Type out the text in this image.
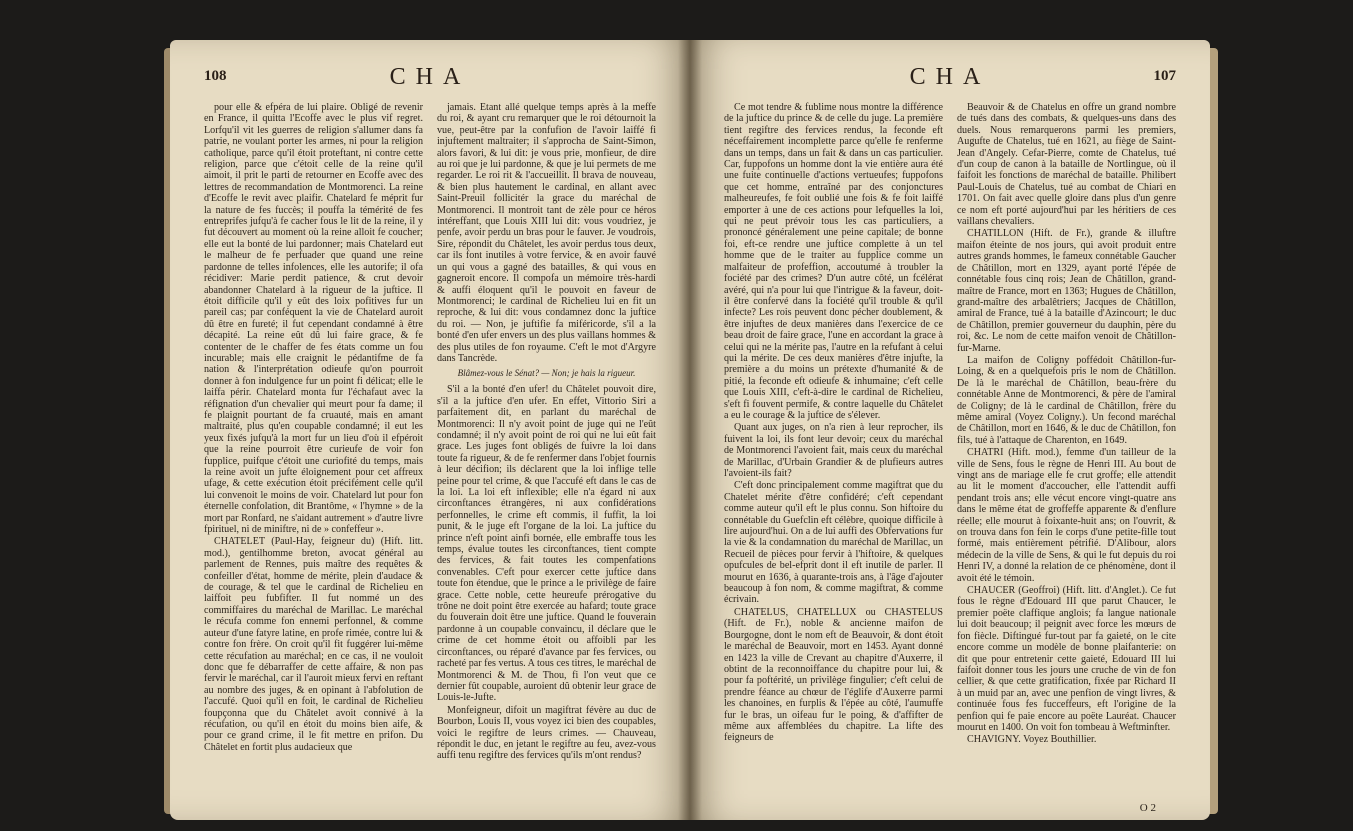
108	CHA

pour elle & efpéra de lui plaire. Obligé de revenir en France, il quitta l'Ecoffe avec le plus vif regret. Lorfqu'il vit les guerres de religion s'allumer dans fa patrie, ne voulant porter les armes, ni pour la religion catholique, parce qu'il étoit proteftant, ni contre cette religion, parce que c'étoit celle de la reine qu'il aimoit, il prit le parti de retourner en Ecoffe avec des lettres de recommandation de Montmorenci. La reine d'Ecoffe le revit avec plaifir. Chatelard fe méprit fur la nature de fes fuccès; il pouffa la témérité de fes entreprifes jufqu'à fe cacher fous le lit de la reine, il y fut découvert au moment où la reine alloit fe coucher; elle eut la bonté de lui pardonner; mais Chatelard eut le malheur de fe perfuader que quand une reine pardonne de telles infolences, elle les autorife; il ofa récidiver: Marie perdit patience, & crut devoir abandonner Chatelard à la rigueur de la juftice. Il étoit difficile qu'il y eût des loix pofitives fur un pareil cas; par conféquent la vie de Chatelard auroit dû être en fureté; il fut cependant condamné à être décapité. La reine eût dû lui faire grace, & fe contenter de le chaffer de fes états comme un fou incurable; mais elle craignit le pédantifme de fa nation & l'interprétation odieufe qu'on pourroit donner à fon indulgence fur un point fi délicat; elle le laiffa périr. Chatelard monta fur l'échafaut avec la réfignation d'un chevalier qui meurt pour fa dame; il fe plaignit pourtant de fa cruauté, mais en amant maltraité, plus qu'en coupable condamné; il eut les yeux fixés jufqu'à la mort fur un lieu d'où il efpéroit que la reine pourroit être curieufe de voir fon fupplice, puifque c'étoit une curiofité du temps, mais la reine avoit un jufte éloignement pour cet affreux ufage, & cette exécution étoit précifément celle qu'il lui convenoit le moins de voir. Chatelard lut pour fon éternelle confolation, dit Brantôme, « l'hymne » de la mort par Ronfard, ne s'aidant autrement » d'autre livre fpirituel, ni de miniftre, ni de » confeffeur ».

CHATELET (Paul-Hay, feigneur du) (Hift. litt. mod.), gentilhomme breton, avocat général au parlement de Rennes, puis maître des requêtes & confeiller d'état, homme de mérite, plein d'audace & de courage, & tel que le cardinal de Richelieu en laiffoit peu fubfifter. Il fut nommé un des commiffaires du maréchal de Marillac. Le maréchal le récufa comme fon ennemi perfonnel, & comme auteur d'une fatyre latine, en profe rimée, contre lui & contre fon frère. On croit qu'il fit fuggérer lui-même cette récufation au maréchal; en ce cas, il ne vouloit donc que fe débarraffer de cette affaire, & non pas fervir le maréchal, car il l'auroit mieux fervi en reftant au nombre des juges, & en opinant à l'abfolution de l'accufé. Quoi qu'il en foit, le cardinal de Richelieu foupçonna que du Châtelet avoit connivé à la récufation, ou qu'il en étoit du moins bien aife, & pour ce grand crime, il le fit mettre en prifon. Du Châtelet en fortit plus audacieux que

jamais. Etant allé quelque temps après à la meffe du roi, & ayant cru remarquer que le roi détournoit la vue, peut-être par la confufion de l'avoir laiffé fi injuftement maltraiter; il s'approcha de Saint-Simon, alors favori, & lui dit: je vous prie, monfieur, de dire au roi que je lui pardonne, & que je lui permets de me regarder. Le roi rit & l'accueillit. Il brava de nouveau, & bien plus hautement le cardinal, en allant avec Saint-Preuil follicitér la grace du maréchal de Montmorenci. Il montroit tant de zèle pour ce héros intéreffant, que Louis XIII lui dit: vous voudriez, je penfe, avoir perdu un bras pour le fauver. Je voudrois, Sire, répondit du Châtelet, les avoir perdus tous deux, car ils font inutiles à votre fervice, & en avoir fauvé un qui vous a gagné des batailles, & qui vous en gagneroit encore. Il compofa un mémoire très-hardi & auffi éloquent qu'il le pouvoit en faveur de Montmorenci; le cardinal de Richelieu lui en fit un reproche, & lui dit: vous condamnez donc la juftice du roi. — Non, je juftifie fa miféricorde, s'il a la bonté d'en ufer envers un des plus vaillans hommes & des plus utiles de fon royaume. C'eft le mot d'Argyre dans Tancrède.

Blâmez-vous le Sénat? — Non; je hais la rigueur.

S'il a la bonté d'en ufer! du Châtelet pouvoit dire, s'il a la juftice d'en ufer. En effet, Vittorio Siri a parfaitement dit, en parlant du maréchal de Montmorenci: Il n'y avoit point de juge qui ne l'eût condamné; il n'y avoit point de roi qui ne lui eût fait grace. Les juges font obligés de fuivre la loi dans toute fa rigueur, & de fe renfermer dans l'objet fournis à leur décifion; ils déclarent que la loi inflige telle peine pour tel crime, & que l'accufé eft dans le cas de la loi. La loi eft inflexible; elle n'a égard ni aux circonftances étrangères, ni aux confidérations perfonnelles, le crime eft commis, il fuffit, la loi punit, & le juge eft l'organe de la loi. La juftice du prince n'eft point ainfi bornée, elle embraffe tous les temps, évalue toutes les circonftances, tient compte des fervices, & fait toutes les compenfations convenables. C'eft pour exercer cette juftice dans toute fon étendue, que le prince a le privilège de faire grace. Cette noble, cette heureufe prérogative du trône ne doit point être exercée au hafard; toute grace du fouverain doit être une juftice. Quand le fouverain pardonne à un coupable convaincu, il déclare que le crime de cet homme étoit ou affoibli par les circonftances, ou réparé d'avance par fes fervices, ou racheté par fes vertus. A tous ces titres, le maréchal de Montmorenci & M. de Thou, fi l'on veut que ce dernier fût coupable, auroient dû obtenir leur grace de Louis-le-Jufte.

Monfeigneur, difoit un magiftrat févère au duc de Bourbon, Louis II, vous voyez ici bien des coupables, voici le regiftre de leurs crimes. — Chauveau, répondit le duc, en jetant le regiftre au feu, avez-vous auffi tenu regiftre des fervices qu'ils m'ont rendus?

CHA	107

Ce mot tendre & fublime nous montre la différence de la juftice du prince & de celle du juge. La première tient regiftre des fervices rendus, la feconde eft néceffairement incomplette parce qu'elle fe renferme dans un temps, dans un fait & dans un cas particulier. Car, fuppofons un homme dont la vie entière aura été une fuite continuelle d'actions vertueufes; fuppofons que cet homme, entraîné par des conjonctures malheureufes, fe foit oublié une fois & fe foit laiffé emporter à une de ces actions pour lefquelles la loi, qui ne peut prévoir tous les cas particuliers, a prononcé généralement une peine capitale; de bonne foi, eft-ce rendre une juftice complette à un tel homme que de le traiter au fupplice comme un malfaiteur de profeffion, accoutumé à troubler la fociété par des crimes? D'un autre côté, un fcélérat avéré, qui n'a pour lui que l'intrigue & la faveur, doit-il être confervé dans la fociété qu'il trouble & qu'il infecte? Les rois peuvent donc pécher doublement, & être injuftes de deux manières dans l'exercice de ce beau droit de faire grace, l'une en accordant la grace à celui qui ne la mérite pas, l'autre en la refufant à celui qui la mérite. De ces deux manières d'être injufte, la première a du moins un prétexte d'humanité & de pitié, la feconde eft odieufe & inhumaine; c'eft celle que Louis XIII, c'eft-à-dire le cardinal de Richelieu, s'eft fi fouvent permife, & contre laquelle du Châtelet a eu le courage & la juftice de s'élever.

Quant aux juges, on n'a rien à leur reprocher, ils fuivent la loi, ils font leur devoir; ceux du maréchal de Montmorenci l'avoient fait, mais ceux du maréchal de Marillac, d'Urbain Grandier & de plufieurs autres l'avoient-ils fait?

C'eft donc principalement comme magiftrat que du Chatelet mérite d'être confidéré; c'eft cependant comme auteur qu'il eft le plus connu. Son hiftoire du connétable du Guefclin eft célèbre, quoique difficile à lire aujourd'hui. On a de lui auffi des Obfervations fur la vie & la condamnation du maréchal de Marillac, un Recueil de pièces pour fervir à l'hiftoire, & quelques opufcules de bel-efprit dont il eft inutile de parler. Il mourut en 1636, à quarante-trois ans, à l'âge d'ajouter beaucoup à fon nom, & comme magiftrat, & comme écrivain.

CHATELUS, CHATELLUX ou CHASTELUS (Hift. de Fr.), noble & ancienne maifon de Bourgogne, dont le nom eft de Beauvoir, & dont étoit le maréchal de Beauvoir, mort en 1453. Ayant donné en 1423 la ville de Crevant au chapitre d'Auxerre, il obtint de la reconnoiffance du chapitre pour lui, & pour fa poftérité, un privilège fingulier; c'eft celui de prendre féance au chœur de l'églife d'Auxerre parmi les chanoines, en furplis & l'épée au côté, l'aumuffe fur le bras, un oifeau fur le poing, & d'affifter de même aux affemblées du chapitre. La lifte des feigneurs de

Beauvoir & de Chatelus en offre un grand nombre de tués dans des combats, & quelques-uns dans des duels. Nous remarquerons parmi les premiers, Augufte de Chatelus, tué en 1621, au fiège de Saint-Jean d'Angely. Cefar-Pierre, comte de Chatelus, tué d'un coup de canon à la bataille de Nortlingue, où il faifoit les fonctions de maréchal de bataille. Philibert Paul-Louis de Chatelus, tué au combat de Chiari en 1701. On fait avec quelle gloire dans plus d'un genre ce nom eft porté aujourd'hui par les héritiers de ces vaillans chevaliers.

CHATILLON (Hift. de Fr.), grande & illuftre maifon éteinte de nos jours, qui avoit produit entre autres grands hommes, le fameux connétable Gaucher de Châtillon, mort en 1329, ayant porté l'épée de connétable fous cinq rois; Jean de Châtillon, grand-maître de France, mort en 1363; Hugues de Châtillon, grand-maître des arbalêtriers; Jacques de Châtillon, amiral de France, tué à la bataille d'Azincourt; le duc de Châtillon, premier gouverneur du dauphin, père du roi, &c. Le nom de cette maifon venoit de Châtillon-fur-Marne.

La maifon de Coligny poffédoit Châtillon-fur-Loing, & en a quelquefois pris le nom de Châtillon. De là le maréchal de Châtillon, beau-frère du connétable Anne de Montmorenci, & père de l'amiral de Coligny; de là le cardinal de Châtillon, frère du même amiral (Voyez Coligny.). Un fecond maréchal de Châtillon, mort en 1646, & le duc de Châtillon, fon fils, tué à l'attaque de Charenton, en 1649.

CHATRI (Hift. mod.), femme d'un tailleur de la ville de Sens, fous le règne de Henri III. Au bout de vingt ans de mariage elle fe crut groffe; elle attendit au lit le moment d'accoucher, elle l'attendit auffi pendant trois ans; elle vécut encore vingt-quatre ans dans le même état de groffeffe apparente & d'enflure réelle; elle mourut à foixante-huit ans; on l'ouvrit, & on trouva dans fon fein le corps d'une petite-fille tout formé, mais entièrement pétrifié. D'Alibour, alors médecin de la ville de Sens, & qui le fut depuis du roi Henri IV, a donné la relation de ce phénomène, dont il avoit été le témoin.

CHAUCER (Geoffroi) (Hift. litt. d'Anglet.). Ce fut fous le règne d'Edouard III que parut Chaucer, le premier poëte claffique anglois; fa langue nationale lui doit beaucoup; il peignit avec force les mœurs de fon fiècle. Diftingué fur-tout par fa gaieté, on le cite encore comme un modèle de bonne plaifanterie: on dit que pour entretenir cette gaieté, Edouard III lui faifoit donner tous les jours une cruche de vin de fon cellier, & que cette gratification, fixée par Richard II à un muid par an, avec une penfion de vingt livres, & continuée fous fes fucceffeurs, eft l'origine de la penfion qui fe paie encore au poëte Lauréat. Chaucer mourut en 1400. On voit fon tombeau à Weftminfter.

CHAVIGNY. Voyez Bouthillier.

O 2
